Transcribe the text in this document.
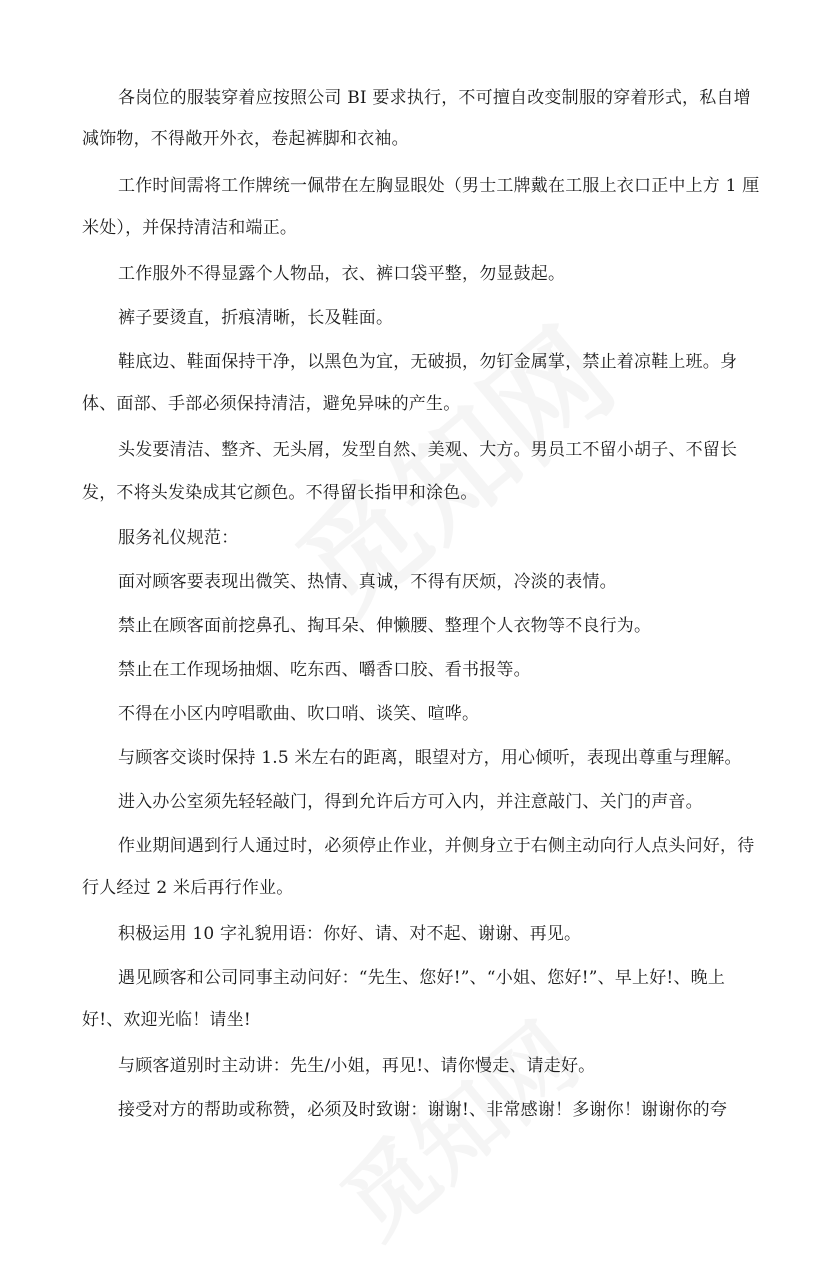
各岗位的服装穿着应按照公司 BI 要求执行，不可擅自改变制服的穿着形式，私自增
减饰物，不得敞开外衣，卷起裤脚和衣袖。
工作时间需将工作牌统一佩带在左胸显眼处（男士工牌戴在工服上衣口正中上方 1 厘
米处），并保持清洁和端正。
工作服外不得显露个人物品，衣、裤口袋平整，勿显鼓起。
裤子要烫直，折痕清晰，长及鞋面。
鞋底边、鞋面保持干净，以黑色为宜，无破损，勿钉金属掌，禁止着凉鞋上班。身
体、面部、手部必须保持清洁，避免异味的产生。
头发要清洁、整齐、无头屑，发型自然、美观、大方。男员工不留小胡子、不留长
发，不将头发染成其它颜色。不得留长指甲和涂色。
服务礼仪规范：
面对顾客要表现出微笑、热情、真诚，不得有厌烦，冷淡的表情。
禁止在顾客面前挖鼻孔、掏耳朵、伸懒腰、整理个人衣物等不良行为。
禁止在工作现场抽烟、吃东西、嚼香口胶、看书报等。
不得在小区内哼唱歌曲、吹口哨、谈笑、喧哗。
与顾客交谈时保持 1.5 米左右的距离，眼望对方，用心倾听，表现出尊重与理解。
进入办公室须先轻轻敲门，得到允许后方可入内，并注意敲门、关门的声音。
作业期间遇到行人通过时，必须停止作业，并侧身立于右侧主动向行人点头问好，待
行人经过 2 米后再行作业。
积极运用 10 字礼貌用语：你好、请、对不起、谢谢、再见。
遇见顾客和公司同事主动问好：“先生、您好!”、“小姐、您好!”、早上好!、晚上
好!、欢迎光临！请坐!
与顾客道别时主动讲：先生/小姐，再见!、请你慢走、请走好。
接受对方的帮助或称赞，必须及时致谢：谢谢!、非常感谢！多谢你！谢谢你的夸
